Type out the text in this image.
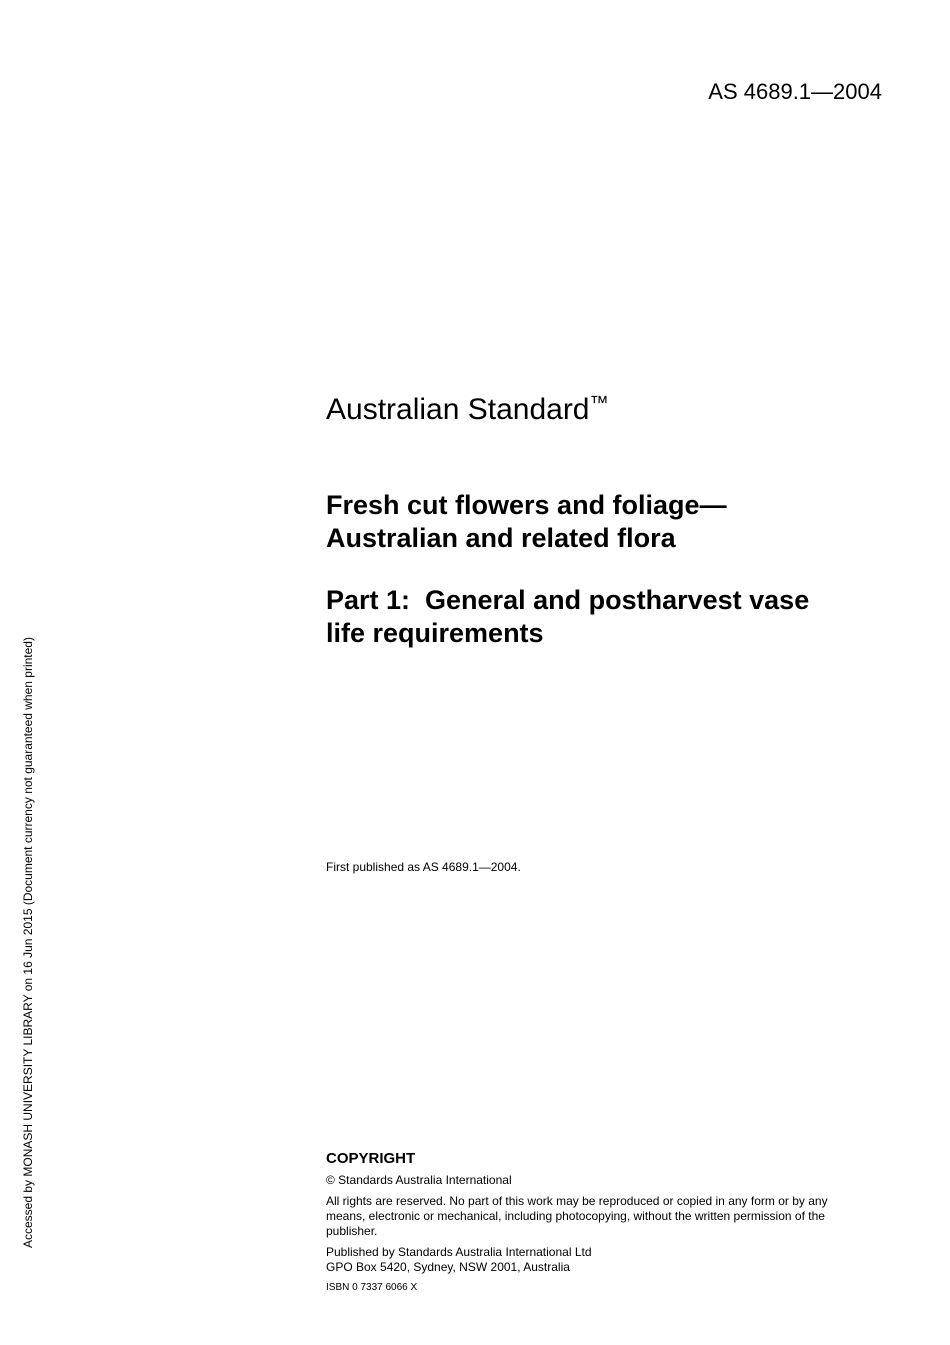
AS 4689.1—2004
Australian Standard™
Fresh cut flowers and foliage—
Australian and related flora
Part 1:  General and postharvest vase
life requirements
First published as AS 4689.1—2004.
COPYRIGHT
© Standards Australia International
All rights are reserved. No part of this work may be reproduced or copied in any form or by any
means, electronic or mechanical, including photocopying, without the written permission of the
publisher.
Published by Standards Australia International Ltd
GPO Box 5420, Sydney, NSW 2001, Australia
ISBN 0 7337 6066 X
Accessed by MONASH UNIVERSITY LIBRARY on 16 Jun 2015 (Document currency not guaranteed when printed)
